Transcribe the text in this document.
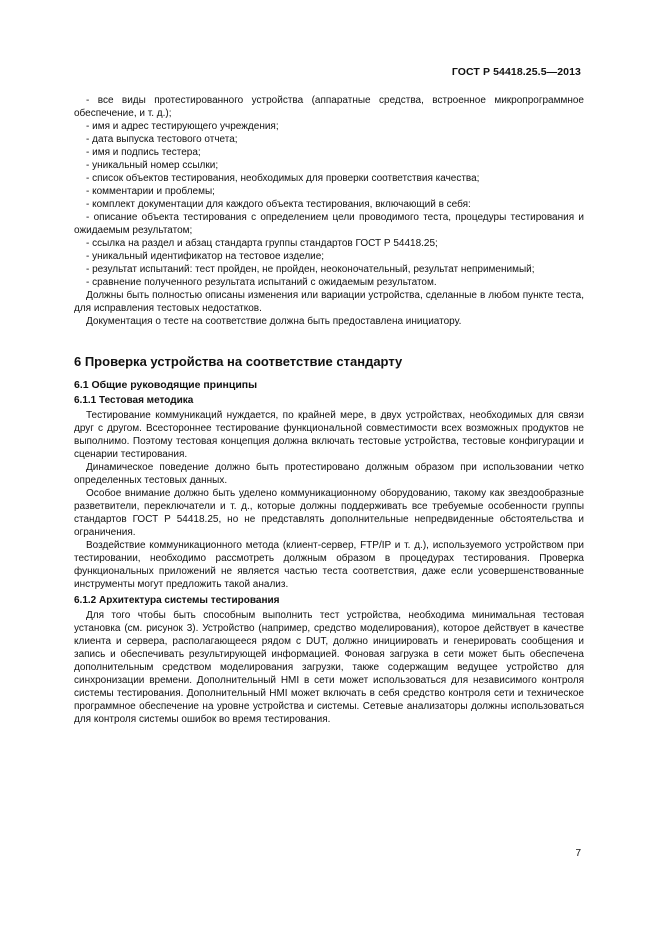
ГОСТ Р 54418.25.5—2013

- все виды протестированного устройства (аппаратные средства, встроенное микропрограммное обеспечение, и т. д.);

- имя и адрес тестирующего учреждения;

- дата выпуска тестового отчета;

- имя и подпись тестера;

- уникальный номер ссылки;

- список объектов тестирования, необходимых для проверки соответствия качества;

- комментарии и проблемы;

- комплект документации для каждого объекта тестирования, включающий в себя:

- описание объекта тестирования с определением цели проводимого теста, процедуры тестирования и ожидаемым результатом;

- ссылка на раздел и абзац стандарта группы стандартов ГОСТ Р 54418.25;

- уникальный идентификатор на тестовое изделие;

- результат испытаний: тест пройден, не пройден, неоконочательный, результат неприменимый;

- сравнение полученного результата испытаний с ожидаемым результатом.

Должны быть полностью описаны изменения или вариации устройства, сделанные в любом пункте теста, для исправления тестовых недостатков.

Документация о тесте на соответствие должна быть предоставлена инициатору.

6 Проверка устройства на соответствие стандарту

6.1 Общие руководящие принципы

6.1.1 Тестовая методика

Тестирование коммуникаций нуждается, по крайней мере, в двух устройствах, необходимых для связи друг с другом. Всестороннее тестирование функциональной совместимости всех возможных продуктов не выполнимо. Поэтому тестовая концепция должна включать тестовые устройства, тестовые конфигурации и сценарии тестирования.

Динамическое поведение должно быть протестировано должным образом при использовании четко определенных тестовых данных.

Особое внимание должно быть уделено коммуникационному оборудованию, такому как звездообразные разветвители, переключатели и т. д., которые должны поддерживать все требуемые особенности группы стандартов ГОСТ Р 54418.25, но не представлять дополнительные непредвиденные обстоятельства и ограничения.

Воздействие коммуникационного метода (клиент-сервер, FTP/IP и т. д.), используемого устройством при тестировании, необходимо рассмотреть должным образом в процедурах тестирования. Проверка функциональных приложений не является частью теста соответствия, даже если усовершенствованные инструменты могут предложить такой анализ.

6.1.2 Архитектура системы тестирования

Для того чтобы быть способным выполнить тест устройства, необходима минимальная тестовая установка (см. рисунок 3). Устройство (например, средство моделирования), которое действует в качестве клиента и сервера, располагающееся рядом с DUT, должно инициировать и генерировать сообщения и запись и обеспечивать результирующей информацией. Фоновая загрузка в сети может быть обеспечена дополнительным средством моделирования загрузки, также содержащим ведущее устройство для синхронизации времени. Дополнительный HMI в сети может использоваться для независимого контроля системы тестирования. Дополнительный HMI может включать в себя средство контроля сети и техническое программное обеспечение на уровне устройства и системы. Сетевые анализаторы должны использоваться для контроля системы ошибок во время тестирования.

7
